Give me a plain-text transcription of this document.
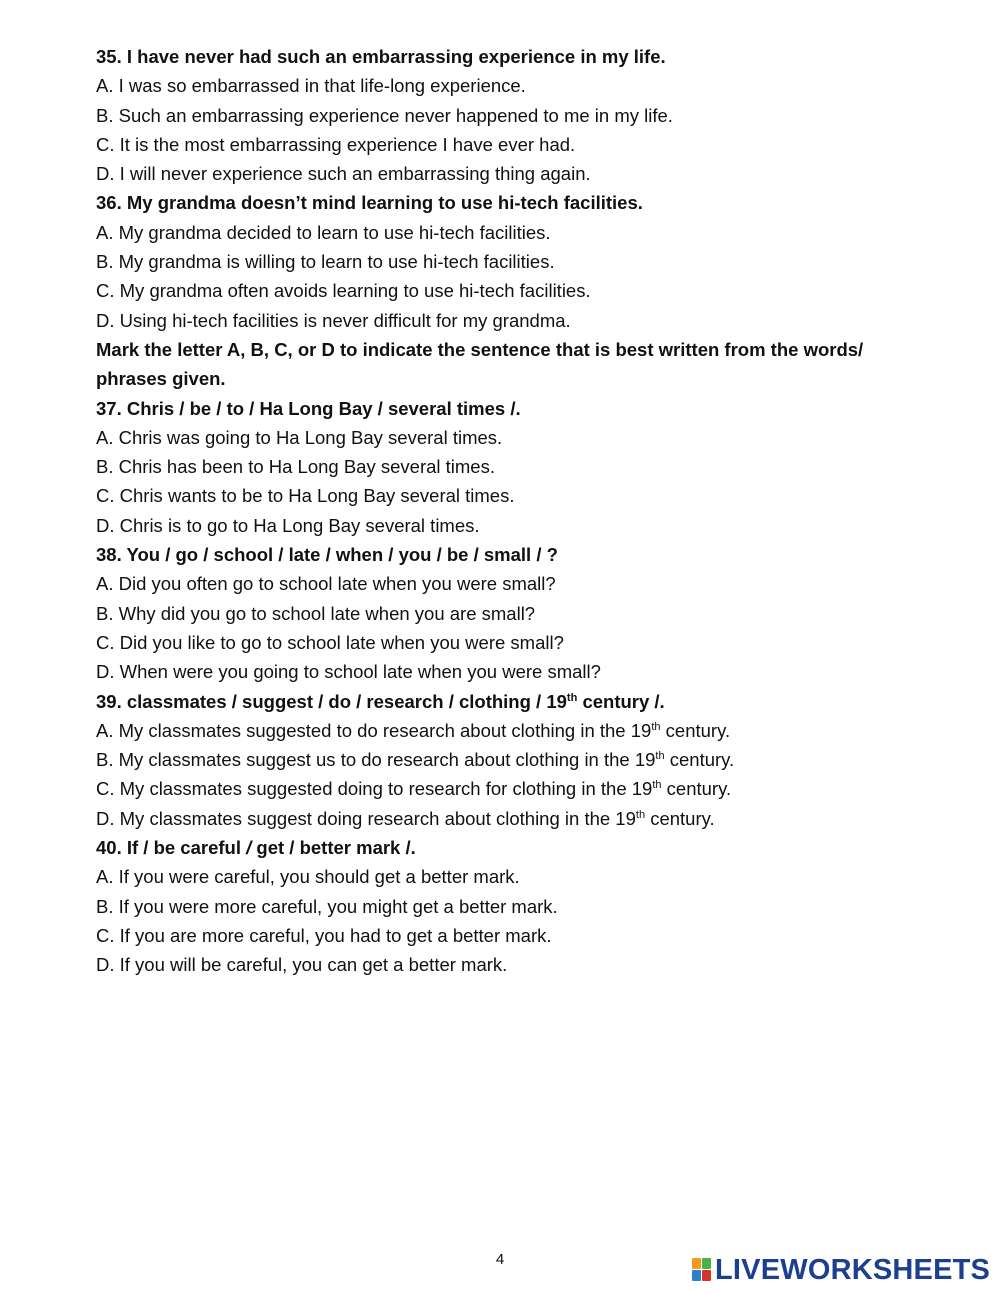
35. I have never had such an embarrassing experience in my life.
A. I was so embarrassed in that life-long experience.
B. Such an embarrassing experience never happened to me in my life.
C. It is the most embarrassing experience I have ever had.
D. I will never experience such an embarrassing thing again.
36. My grandma doesn’t mind learning to use hi-tech facilities.
A. My grandma decided to learn to use hi-tech facilities.
B. My grandma is willing to learn to use hi-tech facilities.
C. My grandma often avoids learning to use hi-tech facilities.
D. Using hi-tech facilities is never difficult for my grandma.
Mark the letter A, B, C, or D to indicate the sentence that is best written from the words/ phrases given.
37. Chris / be / to / Ha Long Bay / several times /.
A. Chris was going to Ha Long Bay several times.
B. Chris has been to Ha Long Bay several times.
C. Chris wants to be to Ha Long Bay several times.
D. Chris is to go to Ha Long Bay several times.
38. You / go / school / late / when / you / be / small / ?
A. Did you often go to school late when you were small?
B. Why did you go to school late when you are small?
C. Did you like to go to school late when you were small?
D. When were you going to school late when you were small?
39. classmates / suggest / do / research / clothing / 19th century /.
A. My classmates suggested to do research about clothing in the 19th century.
B. My classmates suggest us to do research about clothing in the 19th century.
C. My classmates suggested doing to research for clothing in the 19th century.
D. My classmates suggest doing research about clothing in the 19th century.
40. If / be careful / get / better mark /.
A. If you were careful, you should get a better mark.
B. If you were more careful, you might get a better mark.
C. If you are more careful, you had to get a better mark.
D. If you will be careful, you can get a better mark.
4	LIVEWORKSHEETS
